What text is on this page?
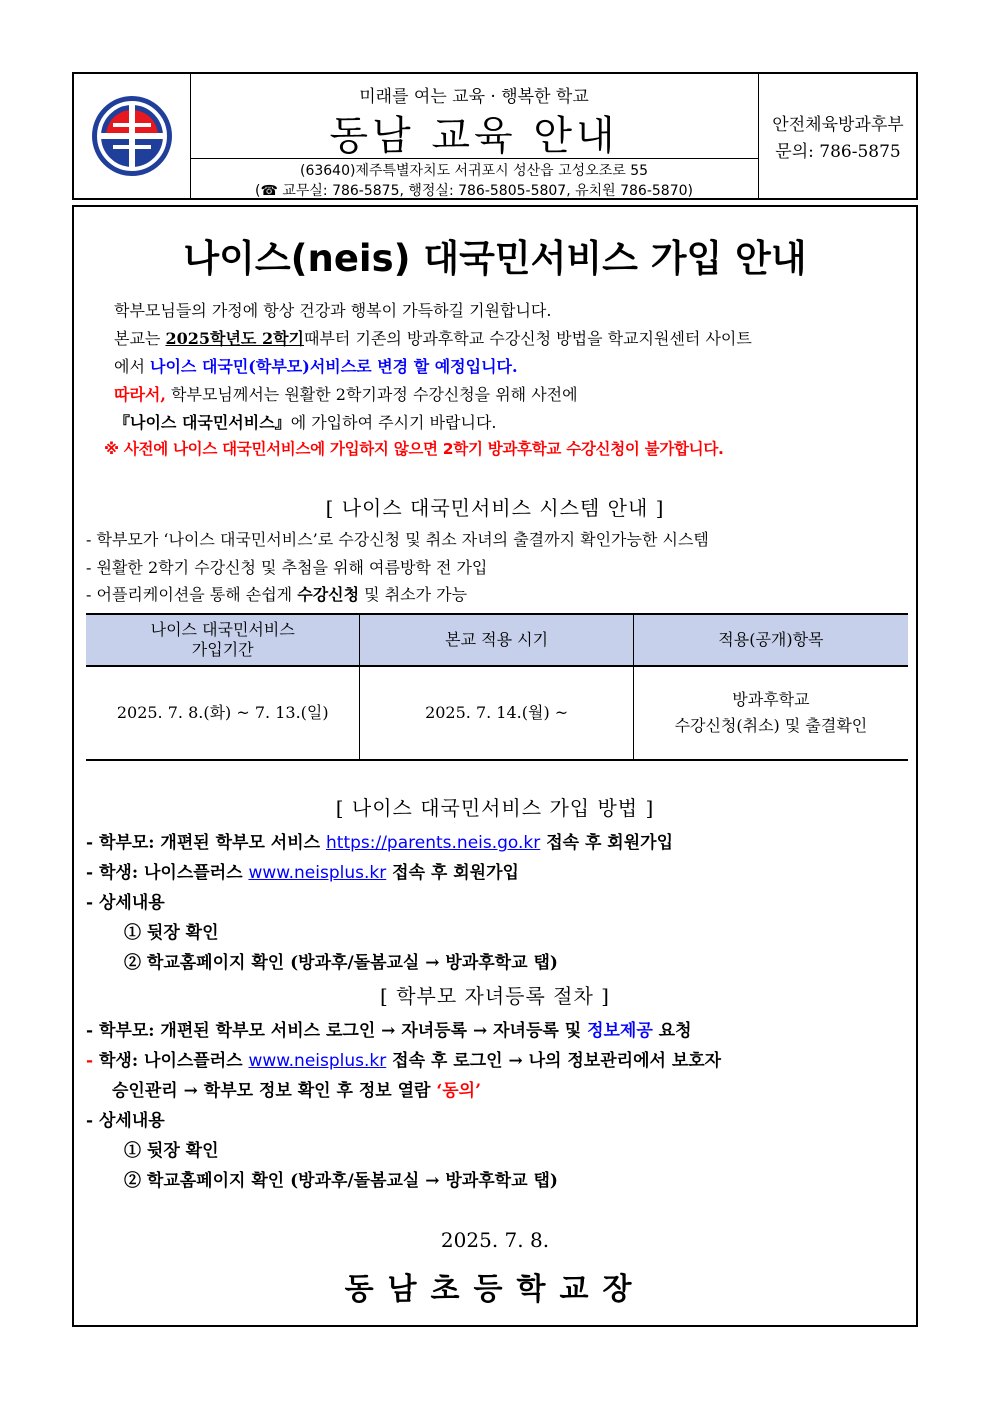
미래를 여는 교육 · 행복한 학교
동남 교육 안내
(63640)제주특별자치도 서귀포시 성산읍 고성오조로 55
(☎ 교무실: 786-5875, 행정실: 786-5805-5807, 유치원 786-5870)
안전체육방과후부
문의: 786-5875
나이스(neis) 대국민서비스 가입 안내
학부모님들의 가정에 항상 건강과 행복이 가득하길 기원합니다.
본교는 2025학년도 2학기때부터 기존의 방과후학교 수강신청 방법을 학교지원센터 사이트
에서 나이스 대국민(학부모)서비스로 변경 할 예정입니다.
따라서, 학부모님께서는 원활한 2학기과정 수강신청을 위해 사전에
『나이스 대국민서비스』에 가입하여 주시기 바랍니다.
※ 사전에 나이스 대국민서비스에 가입하지 않으면 2학기 방과후학교 수강신청이 불가합니다.
[ 나이스 대국민서비스 시스템 안내 ]
- 학부모가 ‘나이스 대국민서비스’로 수강신청 및 취소 자녀의 출결까지 확인가능한 시스템
- 원활한 2학기 수강신청 및 추첨을 위해 여름방학 전 가입
- 어플리케이션을 통해 손쉽게 수강신청 및 취소가 가능
나이스 대국민서비스
가입기간	본교 적용 시기	적용(공개)항목
2025. 7. 8.(화) ~ 7. 13.(일)	2025. 7. 14.(월) ~	방과후학교
수강신청(취소) 및 출결확인
[ 나이스 대국민서비스 가입 방법 ]
- 학부모: 개편된 학부모 서비스 https://parents.neis.go.kr 접속 후 회원가입
- 학생: 나이스플러스 www.neisplus.kr 접속 후 회원가입
- 상세내용
① 뒷장 확인
② 학교홈페이지 확인 (방과후/돌봄교실 → 방과후학교 탭)
[ 학부모 자녀등록 절차 ]
- 학부모: 개편된 학부모 서비스 로그인 → 자녀등록 → 자녀등록 및 정보제공 요청
- 학생: 나이스플러스 www.neisplus.kr 접속 후 로그인 → 나의 정보관리에서 보호자
승인관리 → 학부모 정보 확인 후 정보 열람 ‘동의’
- 상세내용
① 뒷장 확인
② 학교홈페이지 확인 (방과후/돌봄교실 → 방과후학교 탭)
2025. 7. 8.
동남초등학교장
